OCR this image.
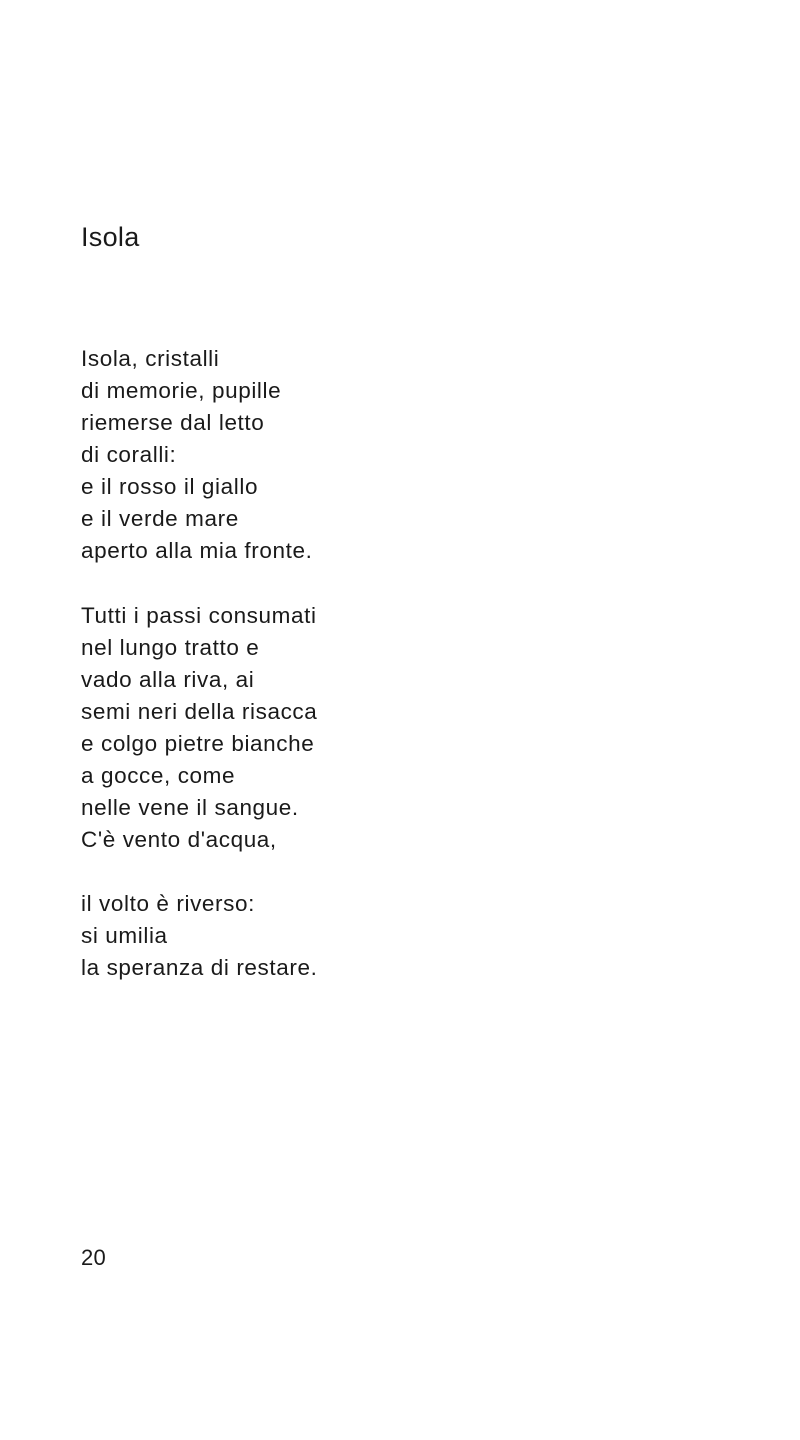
Isola

Isola, cristalli
di memorie, pupille
riemerse dal letto
di coralli:
e il rosso il giallo
e il verde mare
aperto alla mia fronte.

Tutti i passi consumati
nel lungo tratto e
vado alla riva, ai
semi neri della risacca
e colgo pietre bianche
a gocce, come
nelle vene il sangue.
C'è vento d'acqua,

il volto è riverso:
si umilia
la speranza di restare.

20
